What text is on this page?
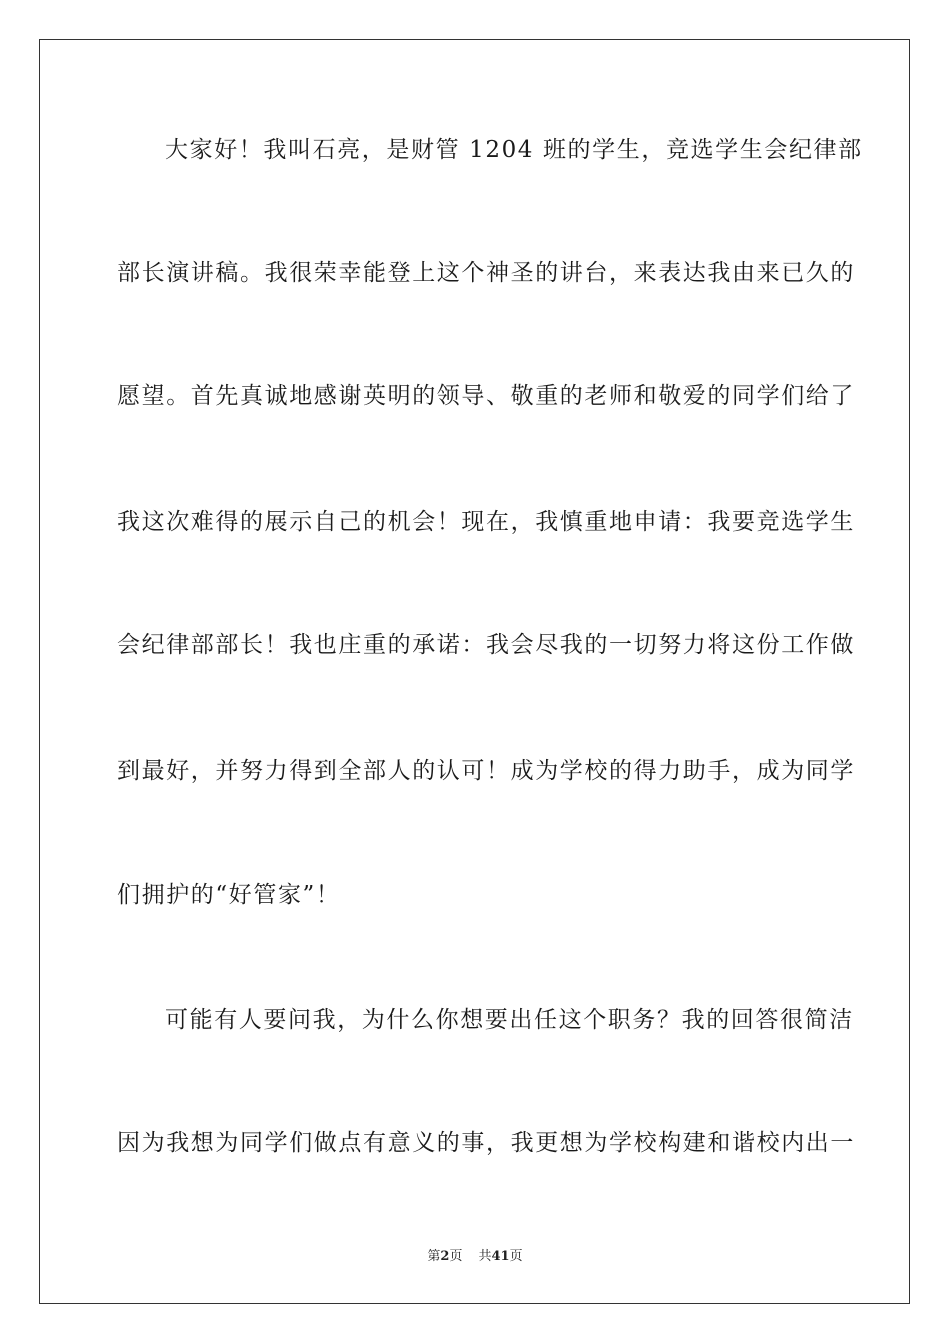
大家好！我叫石亮，是财管 1204 班的学生，竞选学生会纪律部
部长演讲稿。我很荣幸能登上这个神圣的讲台，来表达我由来已久的
愿望。首先真诚地感谢英明的领导、敬重的老师和敬爱的同学们给了
我这次难得的展示自己的机会！现在，我慎重地申请：我要竞选学生
会纪律部部长！我也庄重的承诺：我会尽我的一切努力将这份工作做
到最好，并努力得到全部人的认可！成为学校的得力助手，成为同学
们拥护的“好管家”！
可能有人要问我，为什么你想要出任这个职务？我的回答很简洁
因为我想为同学们做点有意义的事，我更想为学校构建和谐校内出一
第2页 共41页
